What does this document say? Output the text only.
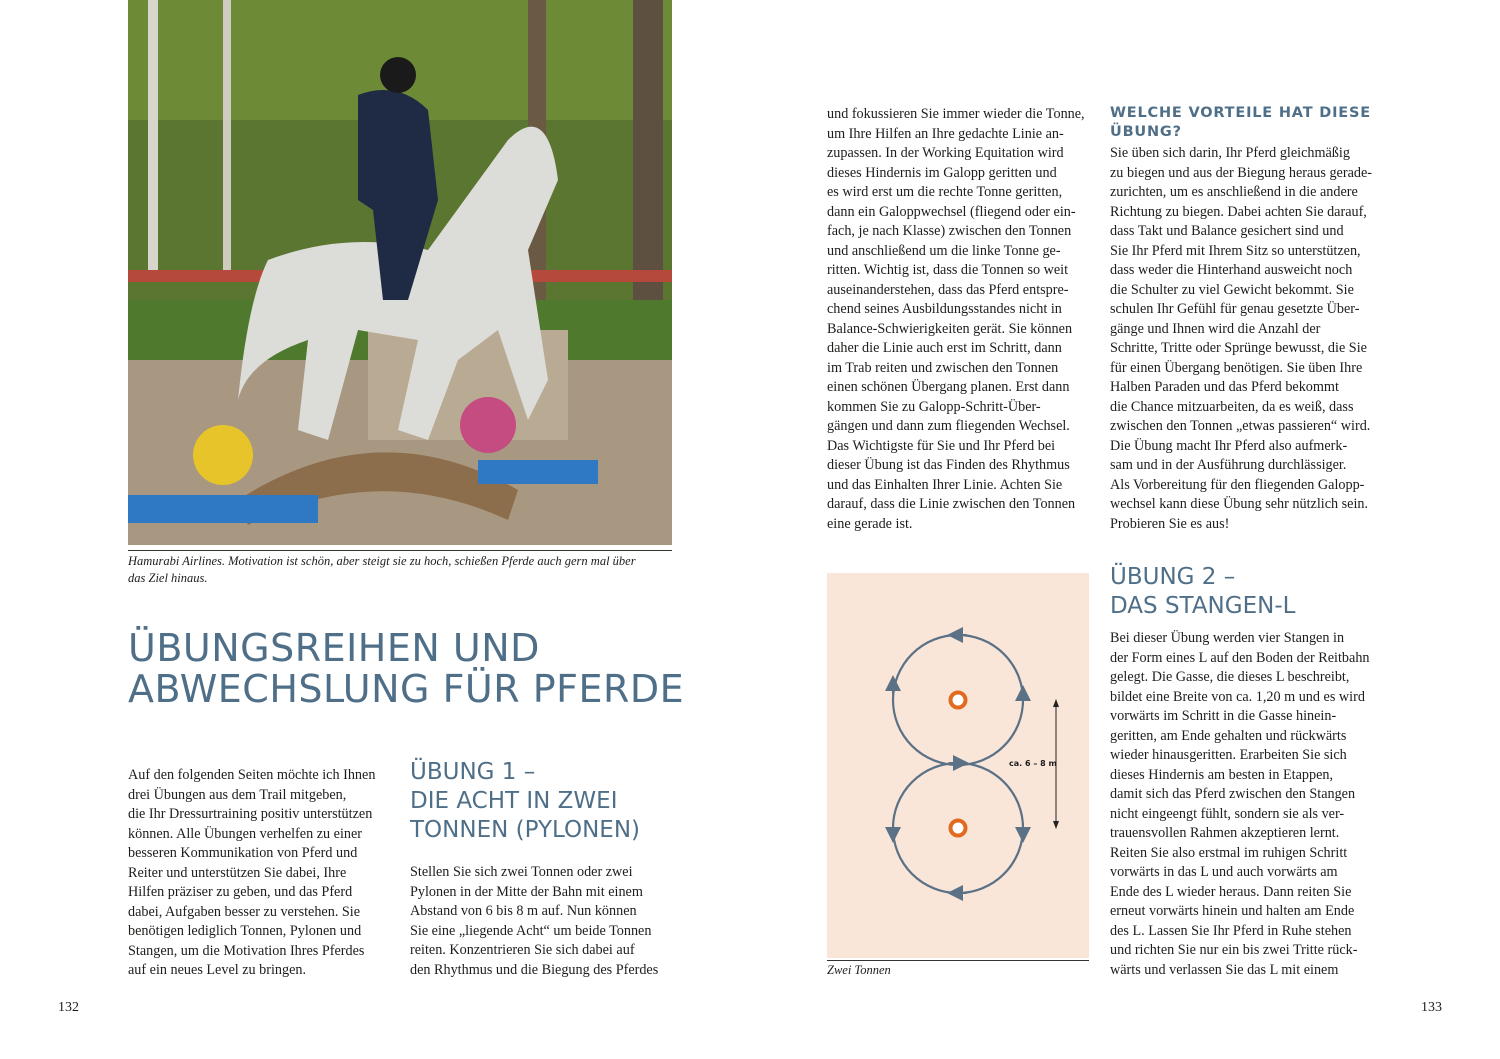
Hamurabi Airlines. Motivation ist schön, aber steigt sie zu hoch, schießen Pferde auch gern mal über
das Ziel hinaus.
ÜBUNGSREIHEN UND
ABWECHSLUNG FÜR PFERDE
Auf den folgenden Seiten möchte ich Ihnen
drei Übungen aus dem Trail mitgeben,
die Ihr Dressurtraining positiv unterstützen
können. Alle Übungen verhelfen zu einer
besseren Kommunikation von Pferd und
Reiter und unterstützen Sie dabei, Ihre
Hilfen präziser zu geben, und das Pferd
dabei, Aufgaben besser zu verstehen. Sie
benötigen lediglich Tonnen, Pylonen und
Stangen, um die Motivation Ihres Pferdes
auf ein neues Level zu bringen.
ÜBUNG 1 –
DIE ACHT IN ZWEI
TONNEN (PYLONEN)
Stellen Sie sich zwei Tonnen oder zwei
Pylonen in der Mitte der Bahn mit einem
Abstand von 6 bis 8 m auf. Nun können
Sie eine „liegende Acht“ um beide Tonnen
reiten. Konzentrieren Sie sich dabei auf
den Rhythmus und die Biegung des Pferdes
132
und fokussieren Sie immer wieder die Tonne,
um Ihre Hilfen an Ihre gedachte Linie an-
zupassen. In der Working Equitation wird
dieses Hindernis im Galopp geritten und
es wird erst um die rechte Tonne geritten,
dann ein Galoppwechsel (fliegend oder ein-
fach, je nach Klasse) zwischen den Tonnen
und anschließend um die linke Tonne ge-
ritten. Wichtig ist, dass die Tonnen so weit
auseinanderstehen, dass das Pferd entspre-
chend seines Ausbildungsstandes nicht in
Balance-Schwierigkeiten gerät. Sie können
daher die Linie auch erst im Schritt, dann
im Trab reiten und zwischen den Tonnen
einen schönen Übergang planen. Erst dann
kommen Sie zu Galopp-Schritt-Über-
gängen und dann zum fliegenden Wechsel.
Das Wichtigste für Sie und Ihr Pferd bei
dieser Übung ist das Finden des Rhythmus
und das Einhalten Ihrer Linie. Achten Sie
darauf, dass die Linie zwischen den Tonnen
eine gerade ist.
WELCHE VORTEILE HAT DIESE
ÜBUNG?
Sie üben sich darin, Ihr Pferd gleichmäßig
zu biegen und aus der Biegung heraus gerade-
zurichten, um es anschließend in die andere
Richtung zu biegen. Dabei achten Sie darauf,
dass Takt und Balance gesichert sind und
Sie Ihr Pferd mit Ihrem Sitz so unterstützen,
dass weder die Hinterhand ausweicht noch
die Schulter zu viel Gewicht bekommt. Sie
schulen Ihr Gefühl für genau gesetzte Über-
gänge und Ihnen wird die Anzahl der
Schritte, Tritte oder Sprünge bewusst, die Sie
für einen Übergang benötigen. Sie üben Ihre
Halben Paraden und das Pferd bekommt
die Chance mitzuarbeiten, da es weiß, dass
zwischen den Tonnen „etwas passieren“ wird.
Die Übung macht Ihr Pferd also aufmerk-
sam und in der Ausführung durchlässiger.
Als Vorbereitung für den fliegenden Galopp-
wechsel kann diese Übung sehr nützlich sein.
Probieren Sie es aus!
ca. 6 – 8 m
Zwei Tonnen
ÜBUNG 2 –
DAS STANGEN-L
Bei dieser Übung werden vier Stangen in
der Form eines L auf den Boden der Reitbahn
gelegt. Die Gasse, die dieses L beschreibt,
bildet eine Breite von ca. 1,20 m und es wird
vorwärts im Schritt in die Gasse hinein-
geritten, am Ende gehalten und rückwärts
wieder hinausgeritten. Erarbeiten Sie sich
dieses Hindernis am besten in Etappen,
damit sich das Pferd zwischen den Stangen
nicht eingeengt fühlt, sondern sie als ver-
trauensvollen Rahmen akzeptieren lernt.
Reiten Sie also erstmal im ruhigen Schritt
vorwärts in das L und auch vorwärts am
Ende des L wieder heraus. Dann reiten Sie
erneut vorwärts hinein und halten am Ende
des L. Lassen Sie Ihr Pferd in Ruhe stehen
und richten Sie nur ein bis zwei Tritte rück-
wärts und verlassen Sie das L mit einem
133
